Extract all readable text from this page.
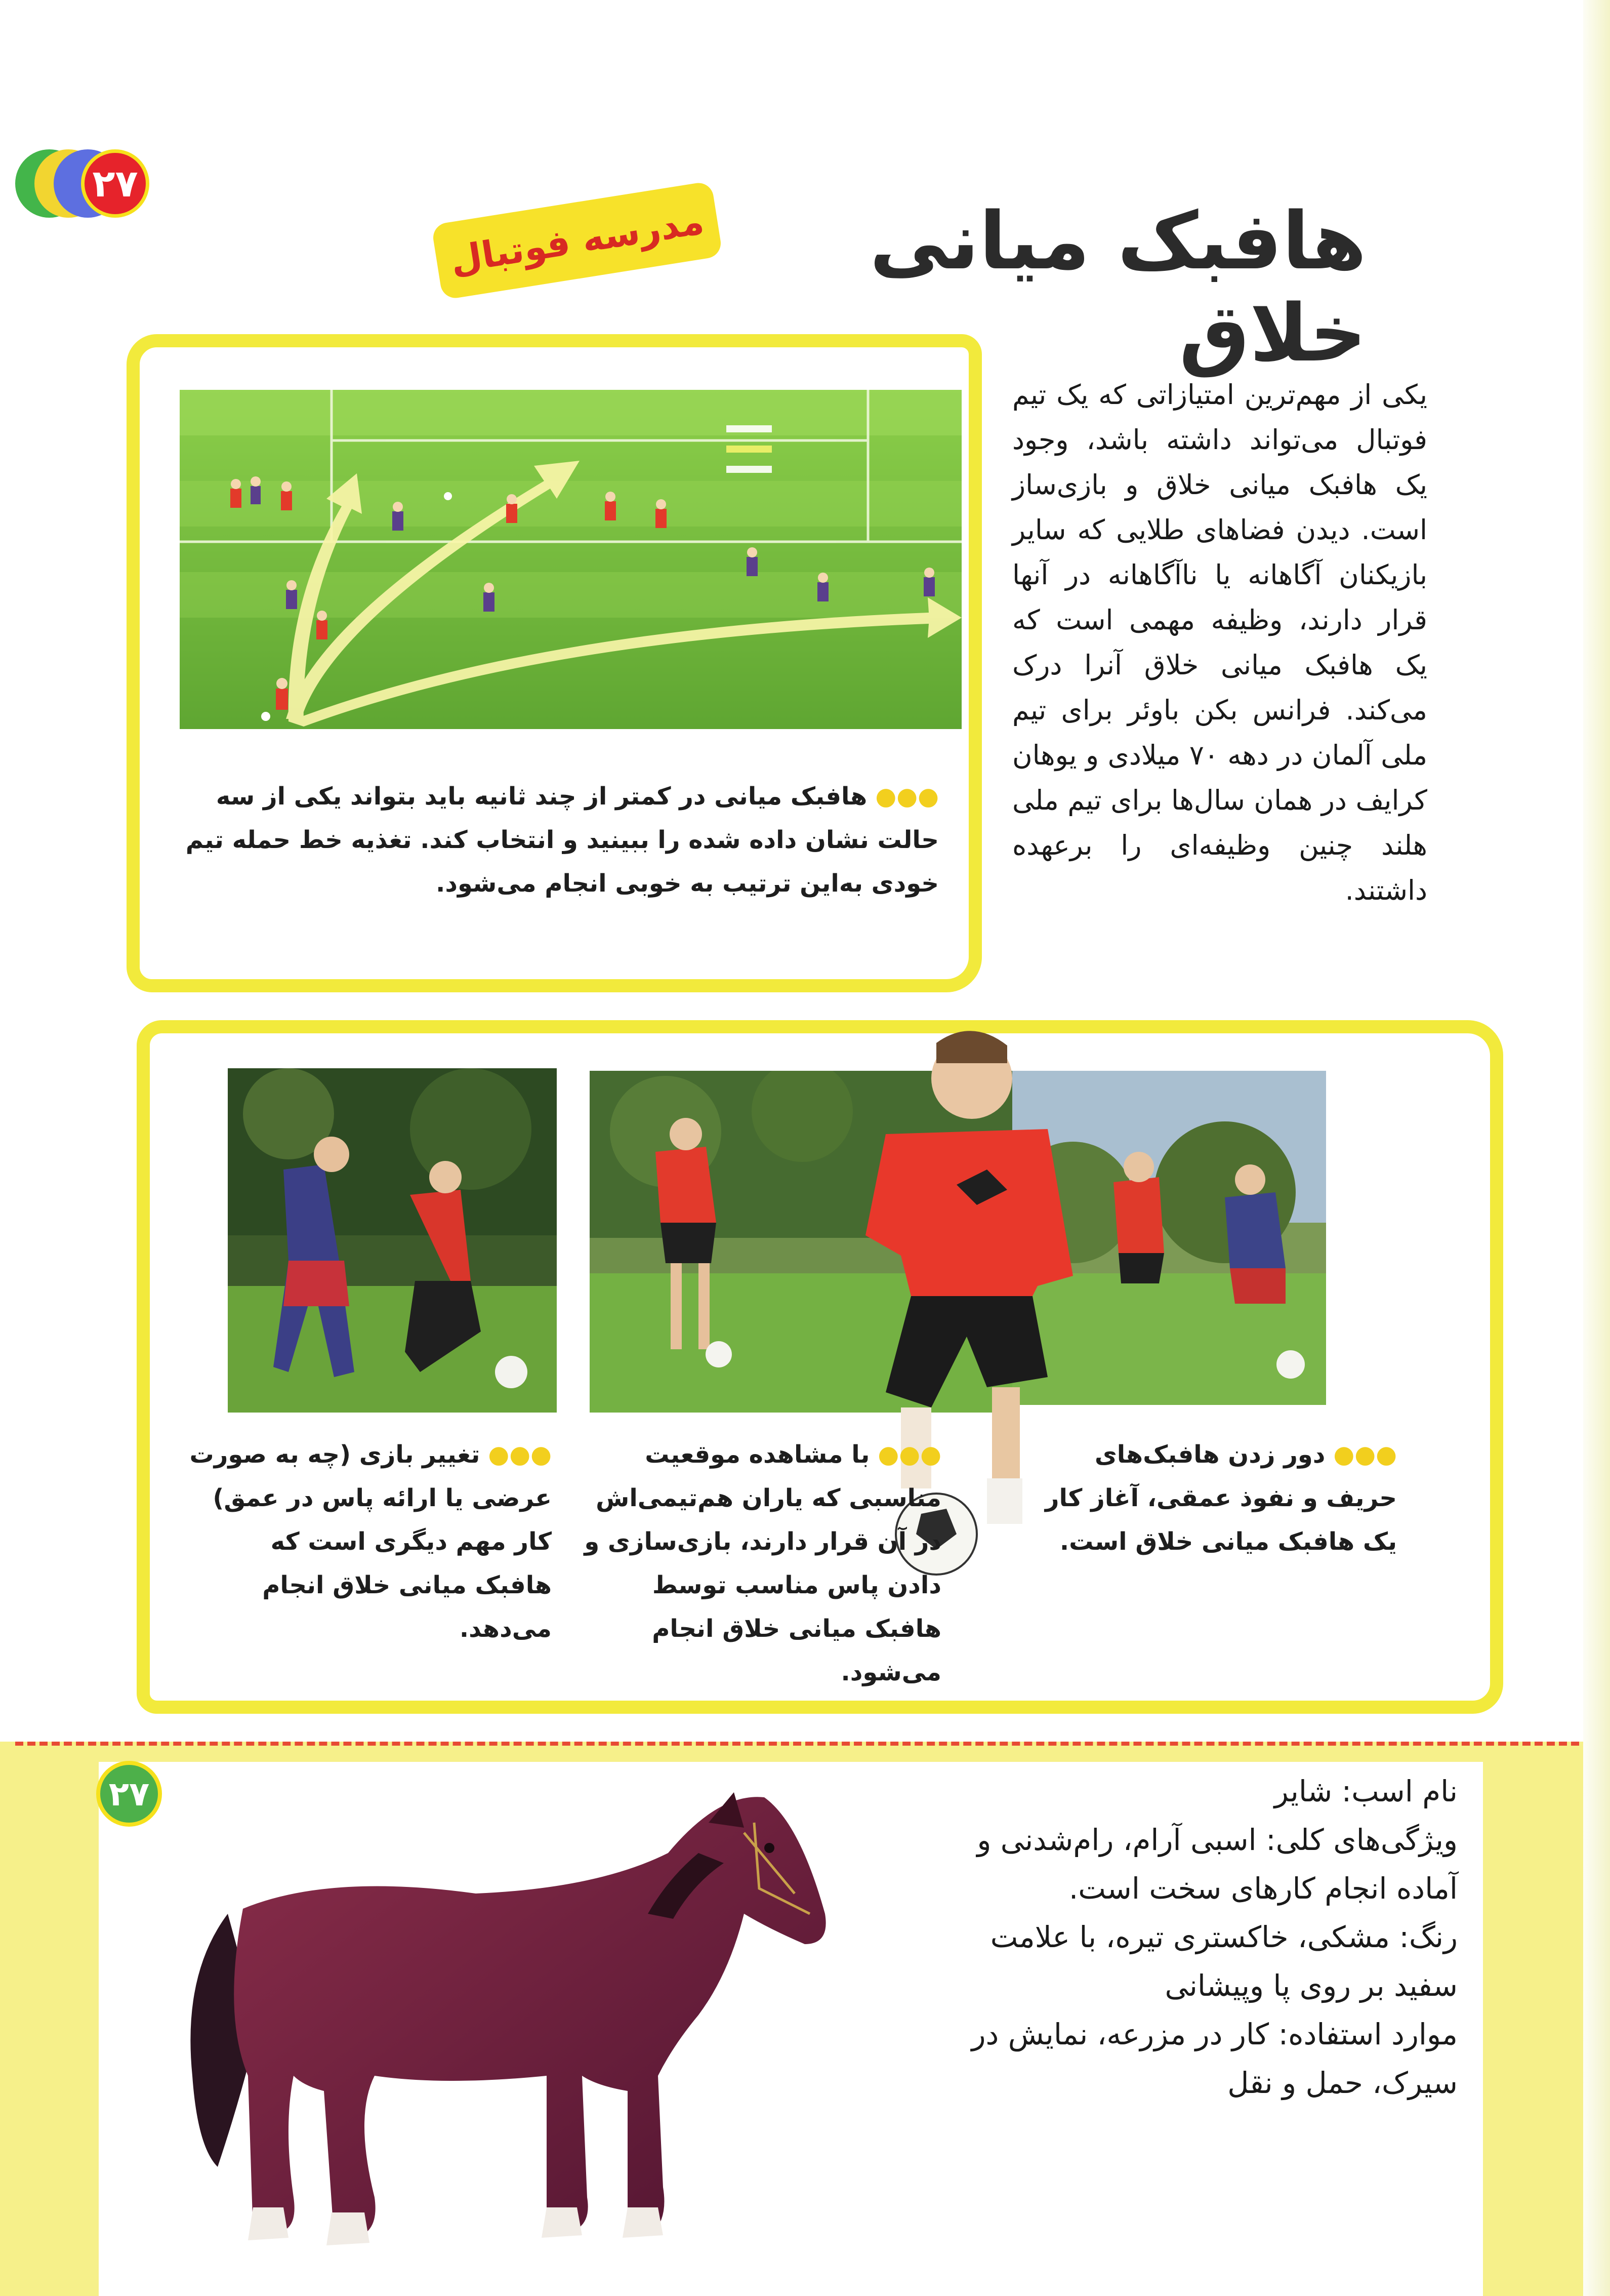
۲۷
هافبک میانی خلاق
مدرسه فوتبال
●●●هافبک میانی در کمتر از چند ثانیه باید بتواند یکی از سه حالت نشان داده شده را ببینید و انتخاب کند. تغذیه خط حمله تیم خودی به‌این ترتیب به خوبی انجام می‌شود.
یکی از مهم‌ترین امتیازاتی که یک تیم فوتبال می‌تواند داشته باشد، وجود یک هافبک میانی خلاق و بازی‌ساز است. دیدن فضاهای طلایی که سایر بازیکنان آگاهانه یا ناآگاهانه در آنها قرار دارند، وظیفه مهمی است که یک هافبک میانی خلاق آنرا درک می‌کند. فرانس بکن باوئر برای تیم ملی آلمان در دهه ۷۰ میلادی و یوهان کرایف در همان سال‌ها برای تیم ملی هلند چنین وظیفه‌ای را برعهده داشتند.
●●●دور زدن هافبک‌های حریف و نفوذ عمقی، آغاز کار یک هافبک میانی خلاق است.
●●●با مشاهده موقعیت مناسبی که یاران هم‌تیمی‌اش در آن قرار دارند، بازی‌سازی و دادن پاس مناسب توسط هافبک میانی خلاق انجام می‌شود.
●●●تغییر بازی (چه به صورت عرضی یا ارائه پاس در عمق) کار مهم دیگری است که هافبک میانی خلاق انجام می‌دهد.
۲۷	نام اسب: شایر
ویژگی‌های کلی: اسبی آرام، رام‌شدنی و آماده انجام کارهای سخت است.
رنگ: مشکی، خاکستری تیره، با علامت سفید بر روی پا وپیشانی
موارد استفاده: کار در مزرعه، نمایش در سیرک، حمل و نقل
